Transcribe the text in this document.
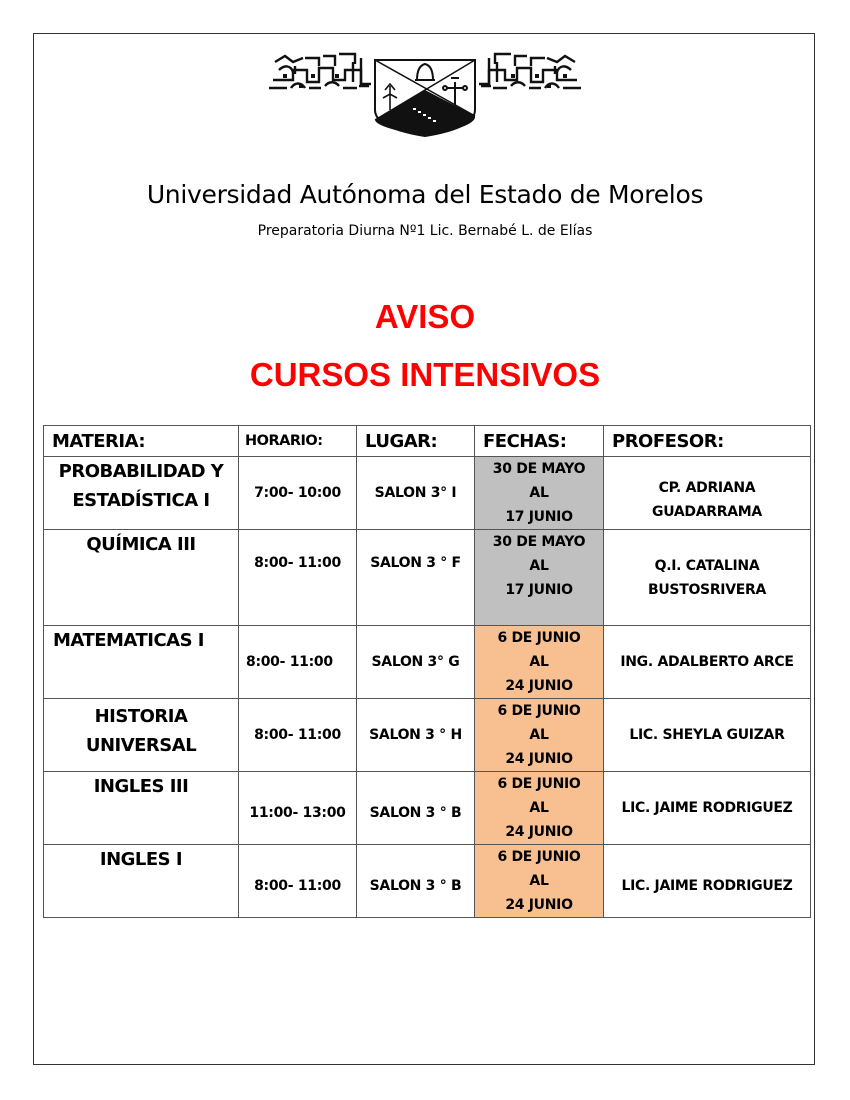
Universidad Autónoma del Estado de Morelos
Preparatoria Diurna Nº1 Lic. Bernabé L. de Elías
AVISO
CURSOS INTENSIVOS
MATERIA:	HORARIO:	LUGAR:	FECHAS:	PROFESOR:

PROBABILIDAD Y
ESTADÍSTICA I	7:00- 10:00	SALON 3° I	30 DE MAYO
AL
17 JUNIO	CP. ADRIANA
GUADARRAMA

QUÍMICA III	8:00- 11:00	SALON 3 ° F	30 DE MAYO
AL
17 JUNIO	Q.I. CATALINA
BUSTOSRIVERA

MATEMATICAS I	8:00- 11:00	SALON 3° G	6 DE JUNIO
AL
24 JUNIO	ING. ADALBERTO ARCE

HISTORIA
UNIVERSAL	8:00- 11:00	SALON 3 ° H	6 DE JUNIO
AL
24 JUNIO	LIC. SHEYLA GUIZAR

INGLES III	11:00- 13:00	SALON 3 ° B	6 DE JUNIO
AL
24 JUNIO	LIC. JAIME RODRIGUEZ

INGLES I	8:00- 11:00	SALON 3 ° B	6 DE JUNIO
AL
24 JUNIO	LIC. JAIME RODRIGUEZ
